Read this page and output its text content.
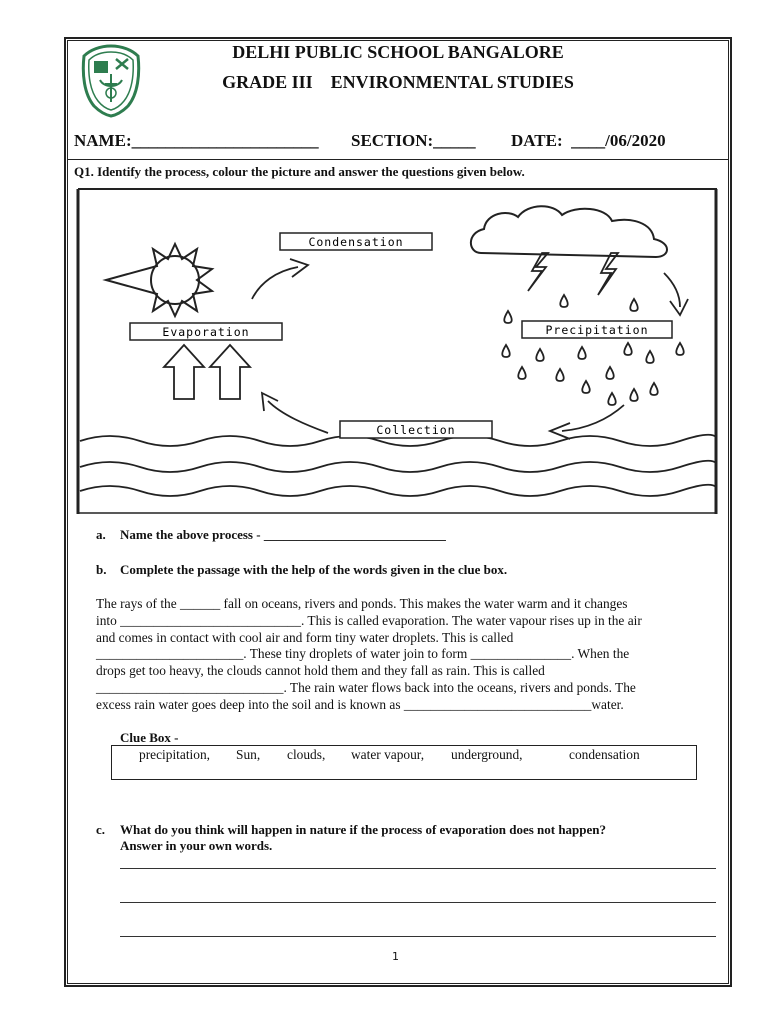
DELHI PUBLIC SCHOOL BANGALORE
GRADE III    ENVIRONMENTAL STUDIES
NAME:______________________ SECTION:_____ DATE:  ____/06/2020
Q1. Identify the process, colour the picture and answer the questions given below.
Condensation
Evaporation	Precipitation
Collection
a. Name the above process - ____________________________
b. Complete the passage with the help of the words given in the clue box.
The rays of the ______ fall on oceans, rivers and ponds. This makes the water warm and it changes
into ___________________________. This is called evaporation. The water vapour rises up in the air
and comes in contact with cool air and form tiny water droplets. This is called
______________________. These tiny droplets of water join to form _______________. When the
drops get too heavy, the clouds cannot hold them and they fall as rain. This is called
____________________________. The rain water flows back into the oceans, rivers and ponds. The
excess rain water goes deep into the soil and is known as ____________________________water.
Clue Box -
precipitation, Sun, clouds, water vapour, underground,	condensation
c. What do you think will happen in nature if the process of evaporation does not happen?
Answer in your own words.
1
